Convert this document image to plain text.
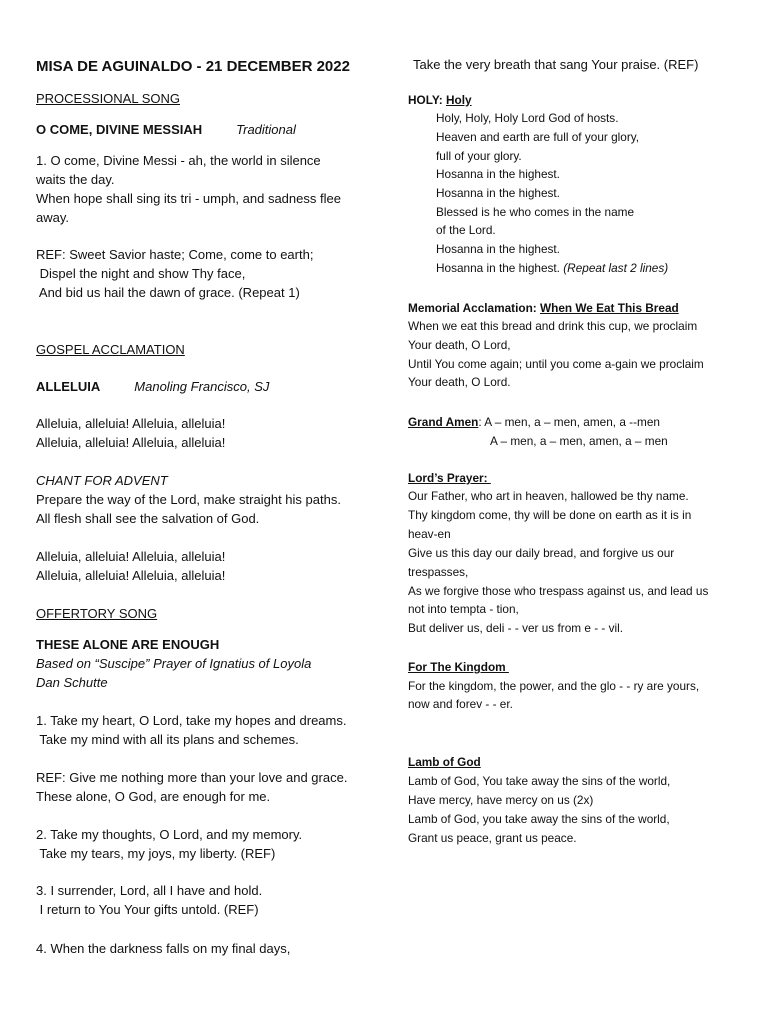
MISA DE AGUINALDO - 21 DECEMBER 2022
PROCESSIONAL SONG
O COME, DIVINE MESSIAH	Traditional
1. O come, Divine Messi - ah, the world in silence
waits the day.
When hope shall sing its tri - umph, and sadness flee
away.
REF: Sweet Savior haste; Come, come to earth;
Dispel the night and show Thy face,
And bid us hail the dawn of grace. (Repeat 1)
GOSPEL ACCLAMATION
ALLELUIA	Manoling Francisco, SJ
Alleluia, alleluia! Alleluia, alleluia!
Alleluia, alleluia! Alleluia, alleluia!
CHANT FOR ADVENT
Prepare the way of the Lord, make straight his paths.
All flesh shall see the salvation of God.
Alleluia, alleluia! Alleluia, alleluia!
Alleluia, alleluia! Alleluia, alleluia!
OFFERTORY SONG
THESE ALONE ARE ENOUGH
Based on “Suscipe” Prayer of Ignatius of Loyola
Dan Schutte
1. Take my heart, O Lord, take my hopes and dreams.
Take my mind with all its plans and schemes.
REF: Give me nothing more than your love and grace.
These alone, O God, are enough for me.
2. Take my thoughts, O Lord, and my memory.
Take my tears, my joys, my liberty. (REF)
3. I surrender, Lord, all I have and hold.
I return to You Your gifts untold. (REF)
4. When the darkness falls on my final days,
Take the very breath that sang Your praise. (REF)
HOLY: Holy
Holy, Holy, Holy Lord God of hosts.
Heaven and earth are full of your glory,
full of your glory.
Hosanna in the highest.
Hosanna in the highest.
Blessed is he who comes in the name
of the Lord.
Hosanna in the highest.
Hosanna in the highest. (Repeat last 2 lines)
Memorial Acclamation: When We Eat This Bread
When we eat this bread and drink this cup, we proclaim
Your death, O Lord,
Until You come again; until you come a-gain we proclaim
Your death, O Lord.
Grand Amen: A – men, a – men, amen, a --men
A – men, a – men, amen, a – men
Lord’s Prayer:
Our Father, who art in heaven, hallowed be thy name.
Thy kingdom come, thy will be done on earth as it is in
heav-en
Give us this day our daily bread, and forgive us our
trespasses,
As we forgive those who trespass against us, and lead us
not into tempta - tion,
But deliver us, deli - - ver us from e - - vil.
For The Kingdom
For the kingdom, the power, and the glo - - ry are yours,
now and forev - - er.
Lamb of God
Lamb of God, You take away the sins of the world,
Have mercy, have mercy on us (2x)
Lamb of God, you take away the sins of the world,
Grant us peace, grant us peace.
